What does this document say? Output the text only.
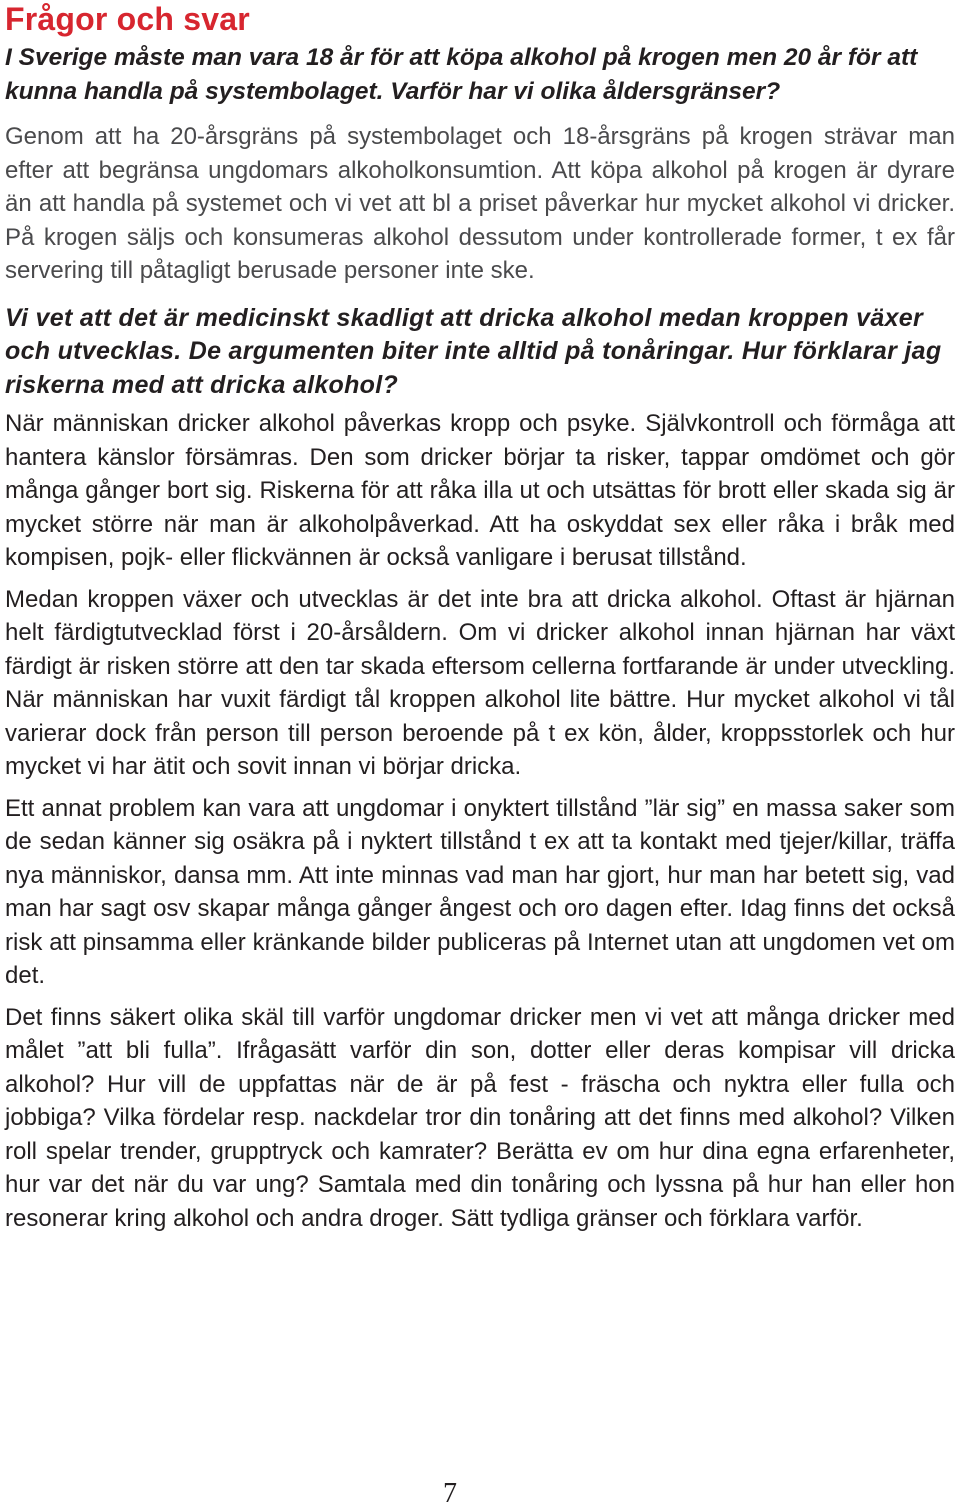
Frågor och svar

I Sverige måste man vara 18 år för att köpa alkohol på krogen men 20 år för att kunna handla på systembolaget. Varför har vi olika åldersgränser?

Genom att ha 20-årsgräns på systembolaget och 18-årsgräns på krogen strävar man efter att begränsa ungdomars alkoholkonsumtion. Att köpa alkohol på krogen är dyrare än att handla på systemet och vi vet att bl a priset påverkar hur mycket alkohol vi dricker. På krogen säljs och konsumeras alkohol dessutom under kontrollerade former, t ex får servering till påtagligt berusade personer inte ske.

Vi vet att det är medicinskt skadligt att dricka alkohol medan kroppen växer och utvecklas. De argumenten biter inte alltid på tonåringar. Hur förklarar jag riskerna med att dricka alkohol?

När människan dricker alkohol påverkas kropp och psyke. Självkontroll och förmåga att hantera känslor försämras. Den som dricker börjar ta risker, tappar omdömet och gör många gånger bort sig. Riskerna för att råka illa ut och utsättas för brott eller skada sig är mycket större när man är alkoholpåverkad. Att ha oskyddat sex eller råka i bråk med kompisen, pojk- eller flickvännen är också vanligare i berusat tillstånd.

Medan kroppen växer och utvecklas är det inte bra att dricka alkohol. Oftast är hjärnan helt färdigtutvecklad först i 20-årsåldern. Om vi dricker alkohol innan hjärnan har växt färdigt är risken större att den tar skada eftersom cellerna fortfarande är under utveckling. När människan har vuxit färdigt tål kroppen alkohol lite bättre. Hur mycket alkohol vi tål varierar dock från person till person beroende på t ex kön, ålder, kroppsstorlek och hur mycket vi har ätit och sovit innan vi börjar dricka.

Ett annat problem kan vara att ungdomar i onyktert tillstånd ”lär sig” en massa saker som de sedan känner sig osäkra på i nyktert tillstånd t ex att ta kontakt med tjejer/killar, träffa nya människor, dansa mm. Att inte minnas vad man har gjort, hur man har betett sig, vad man har sagt osv skapar många gånger ångest och oro dagen efter. Idag finns det också risk att pinsamma eller kränkande bilder publiceras på Internet utan att ungdomen vet om det.

Det finns säkert olika skäl till varför ungdomar dricker men vi vet att många dricker med målet ”att bli fulla”. Ifrågasätt varför din son, dotter eller deras kompisar vill dricka alkohol? Hur vill de uppfattas när de är på fest - fräscha och nyktra eller fulla och jobbiga? Vilka fördelar resp. nackdelar tror din tonåring att det finns med alkohol? Vilken roll spelar trender, grupptryck och kamrater? Berätta ev om hur dina egna erfarenheter, hur var det när du var ung? Samtala med din tonåring och lyssna på hur han eller hon resonerar kring alkohol och andra droger. Sätt tydliga gränser och förklara varför.

7
